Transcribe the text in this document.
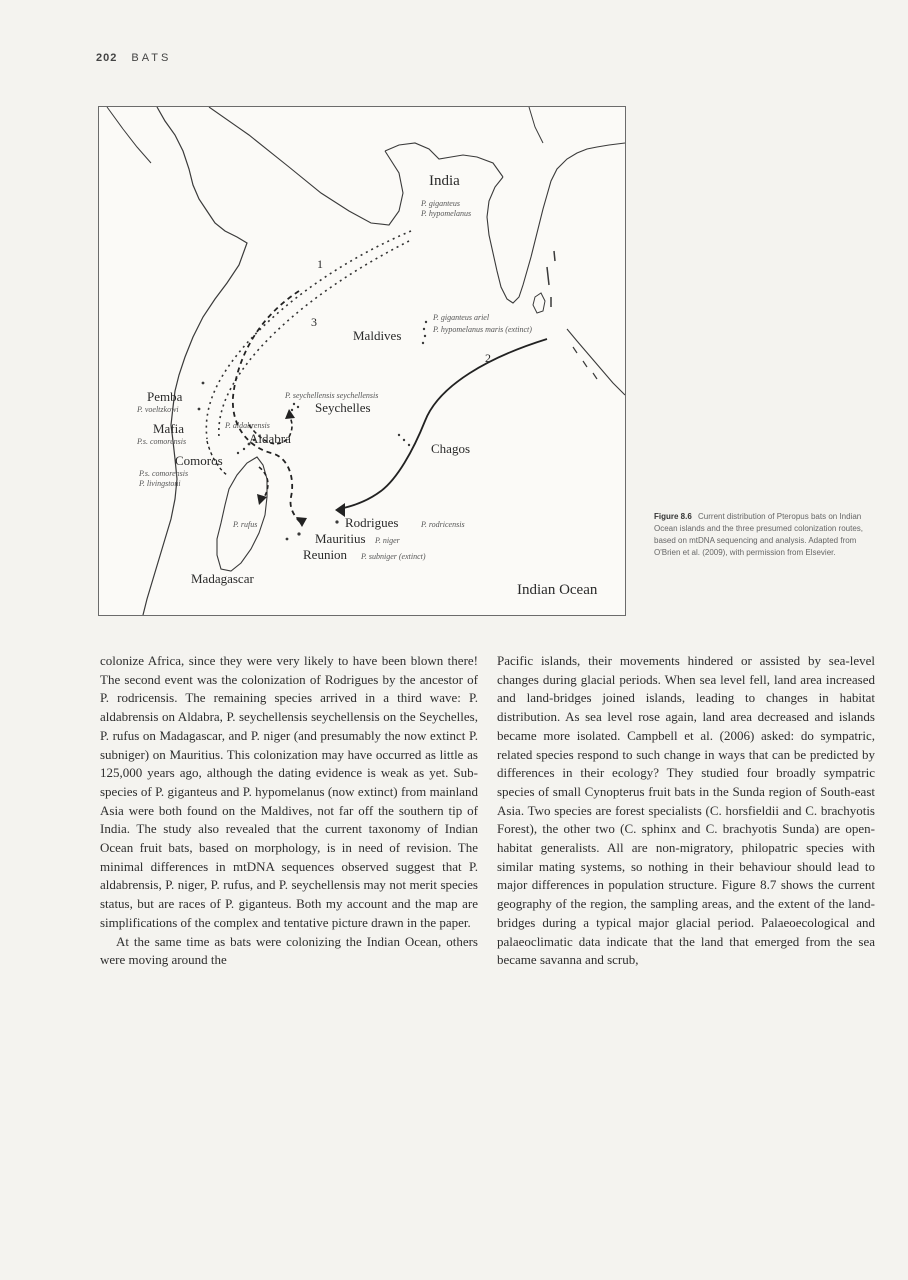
202 BATS
India
P. giganteus
P. hypomelanus
1
2
3
Maldives
P. giganteus ariel
P. hypomelanus maris (extinct)
P. seychellensis seychellensis
Seychelles
Pemba
P. voeltzkowi
Mafia
P.s. comorensis
P. aldabrensis
Aldabra
Comoros
P.s. comorensis
P. livingstoni
Chagos
P. rufus	Rodrigues	P. rodricensis
Mauritius P. niger
Reunion P. subniger (extinct)
Madagascar
Indian Ocean
Figure 8.6 Current distribution of Pteropus bats on Indian Ocean islands and the three presumed colonization routes, based on mtDNA sequencing and analysis. Adapted from O'Brien et al. (2009), with permission from Elsevier.

colonize Africa, since they were very likely to have been blown there! The second event was the colonization of Rodrigues by the ancestor of P. rodricensis. The remaining species arrived in a third wave: P. aldabrensis on Aldabra, P. seychellensis seychellensis on the Seychelles, P. rufus on Madagascar, and P. niger (and presumably the now extinct P. subniger) on Mauritius. This colonization may have occurred as little as 125,000 years ago, although the dating evidence is weak as yet. Sub-species of P. giganteus and P. hypomelanus (now extinct) from mainland Asia were both found on the Maldives, not far off the southern tip of India. The study also revealed that the current taxonomy of Indian Ocean fruit bats, based on morphology, is in need of revision. The minimal differences in mtDNA sequences observed suggest that P. aldabrensis, P. niger, P. rufus, and P. seychellensis may not merit species status, but are races of P. giganteus. Both my account and the map are simplifications of the complex and tentative picture drawn in the paper.

At the same time as bats were colonizing the Indian Ocean, others were moving around the

Pacific islands, their movements hindered or assisted by sea-level changes during glacial periods. When sea level fell, land area increased and land-bridges joined islands, leading to changes in habitat distribution. As sea level rose again, land area decreased and islands became more isolated. Campbell et al. (2006) asked: do sympatric, related species respond to such change in ways that can be predicted by differences in their ecology? They studied four broadly sympatric species of small Cynopterus fruit bats in the Sunda region of South-east Asia. Two species are forest specialists (C. horsfieldii and C. brachyotis Forest), the other two (C. sphinx and C. brachyotis Sunda) are open-habitat generalists. All are non-migratory, philopatric species with similar mating systems, so nothing in their behaviour should lead to major differences in population structure. Figure 8.7 shows the current geography of the region, the sampling areas, and the extent of the land-bridges during a typical major glacial period. Palaeoecological and palaeoclimatic data indicate that the land that emerged from the sea became savanna and scrub,
